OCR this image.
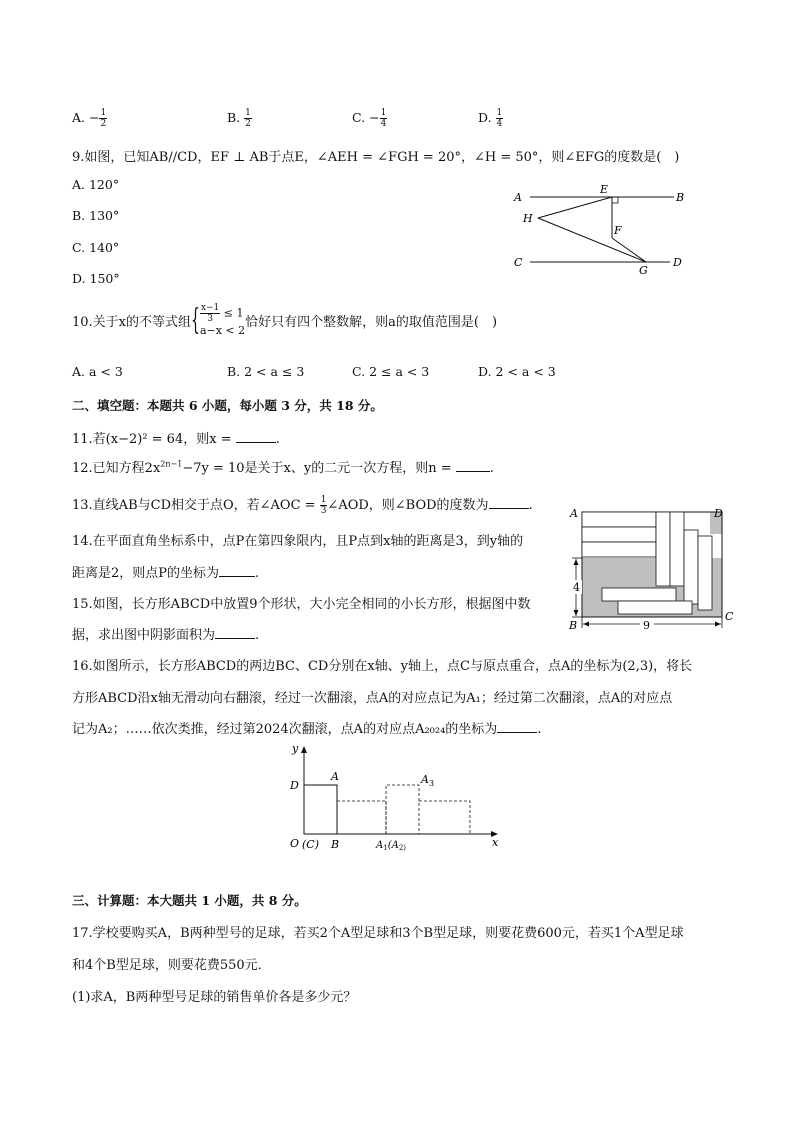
A. − $\frac{1}{2}$	B. $\frac{1}{2}$	C. − $\frac{1}{4}$	D. $\frac{1}{4}$
9.如图，已知AB//CD，EF ⊥ AB于点E，∠AEH = ∠FGH = 20°，∠H = 50°，则∠EFG的度数是(　)
A. 120°
B. 130°
C. 140°
D. 150°
A	B
E
H
F
C
G
D
10.关于x的不等式组{ $\frac{x-1}{3} \le 1$
a−x < 2
恰好只有四个整数解，则a的取值范围是(　)
A. a < 3	B. 2 < a ≤ 3	C. 2 ≤ a < 3	D. 2 < a < 3
二、填空题：本题共 6 小题，每小题 3 分，共 18 分。
11.若(x−2)² = 64，则x =	.
12.已知方程$2x^{2n-1}-7y = 10$是关于x、y的二元一次方程，则n =	.
13.直线AB与CD相交于点O，若∠AOC = $\frac{1}{3}$ ∠AOD，则∠BOD的度数为	.
14.在平面直角坐标系中，点P在第四象限内，且P点到x轴的距离是3，到y轴的
距离是2，则点P的坐标为	.
15.如图，长方形ABCD中放置9个形状，大小完全相同的小长方形，根据图中数
据，求出图中阴影面积为	.
4
9
A	D
B
C
16.如图所示，长方形ABCD的两边BC、CD分别在x轴、y轴上，点C与原点重合，点A的坐标为(2,3)，将长
方形ABCD沿x轴无滑动向右翻滚，经过一次翻滚，点A的对应点记为A₁；经过第二次翻滚，点A的对应点
记为A₂；……依次类推，经过第2024次翻滚，点A的对应点A₂₀₂₄的坐标为	.
y
x
D
A	$A_3$
O (C) B	$A_1(A_{2)}$
三、计算题：本大题共 1 小题，共 8 分。
17.学校要购买A，B两种型号的足球，若买2个A型足球和3个B型足球，则要花费600元，若买1个A型足球
和4个B型足球，则要花费550元．
(1)求A，B两种型号足球的销售单价各是多少元？
